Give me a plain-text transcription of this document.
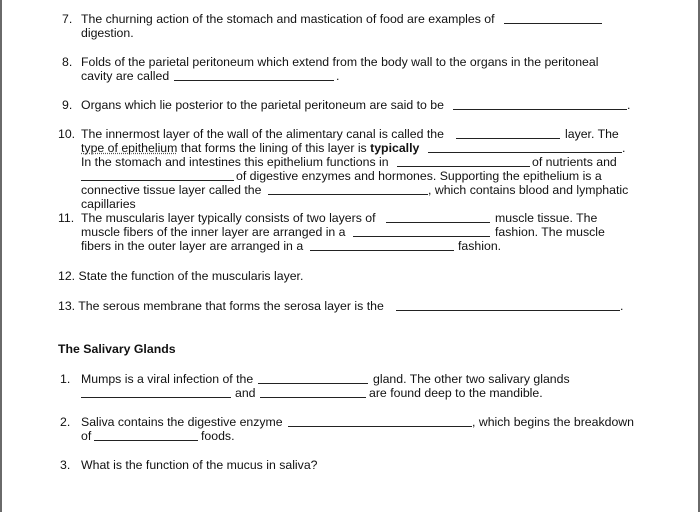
7. The churning action of the stomach and mastication of food are examples of
digestion.
8. Folds of the parietal peritoneum which extend from the body wall to the organs in the peritoneal
cavity are called	.
9. Organs which lie posterior to the parietal peritoneum are said to be	.
10. The innermost layer of the wall of the alimentary canal is called the	layer. The
type of epithelium that forms the lining of this layer is typically	.
In the stomach and intestines this epithelium functions in	of nutrients and
of digestive enzymes and hormones. Supporting the epithelium is a
connective tissue layer called the	, which contains blood and lymphatic
capillaries
11. The muscularis layer typically consists of two layers of	muscle tissue. The
muscle fibers of the inner layer are arranged in a	fashion. The muscle
fibers in the outer layer are arranged in a	fashion.
12. State the function of the muscularis layer.
13. The serous membrane that forms the serosa layer is the	.
The Salivary Glands
1. Mumps is a viral infection of the	gland. The other two salivary glands
and	are found deep to the mandible.
2. Saliva contains the digestive enzyme	, which begins the breakdown
of	foods.
3. What is the function of the mucus in saliva?
